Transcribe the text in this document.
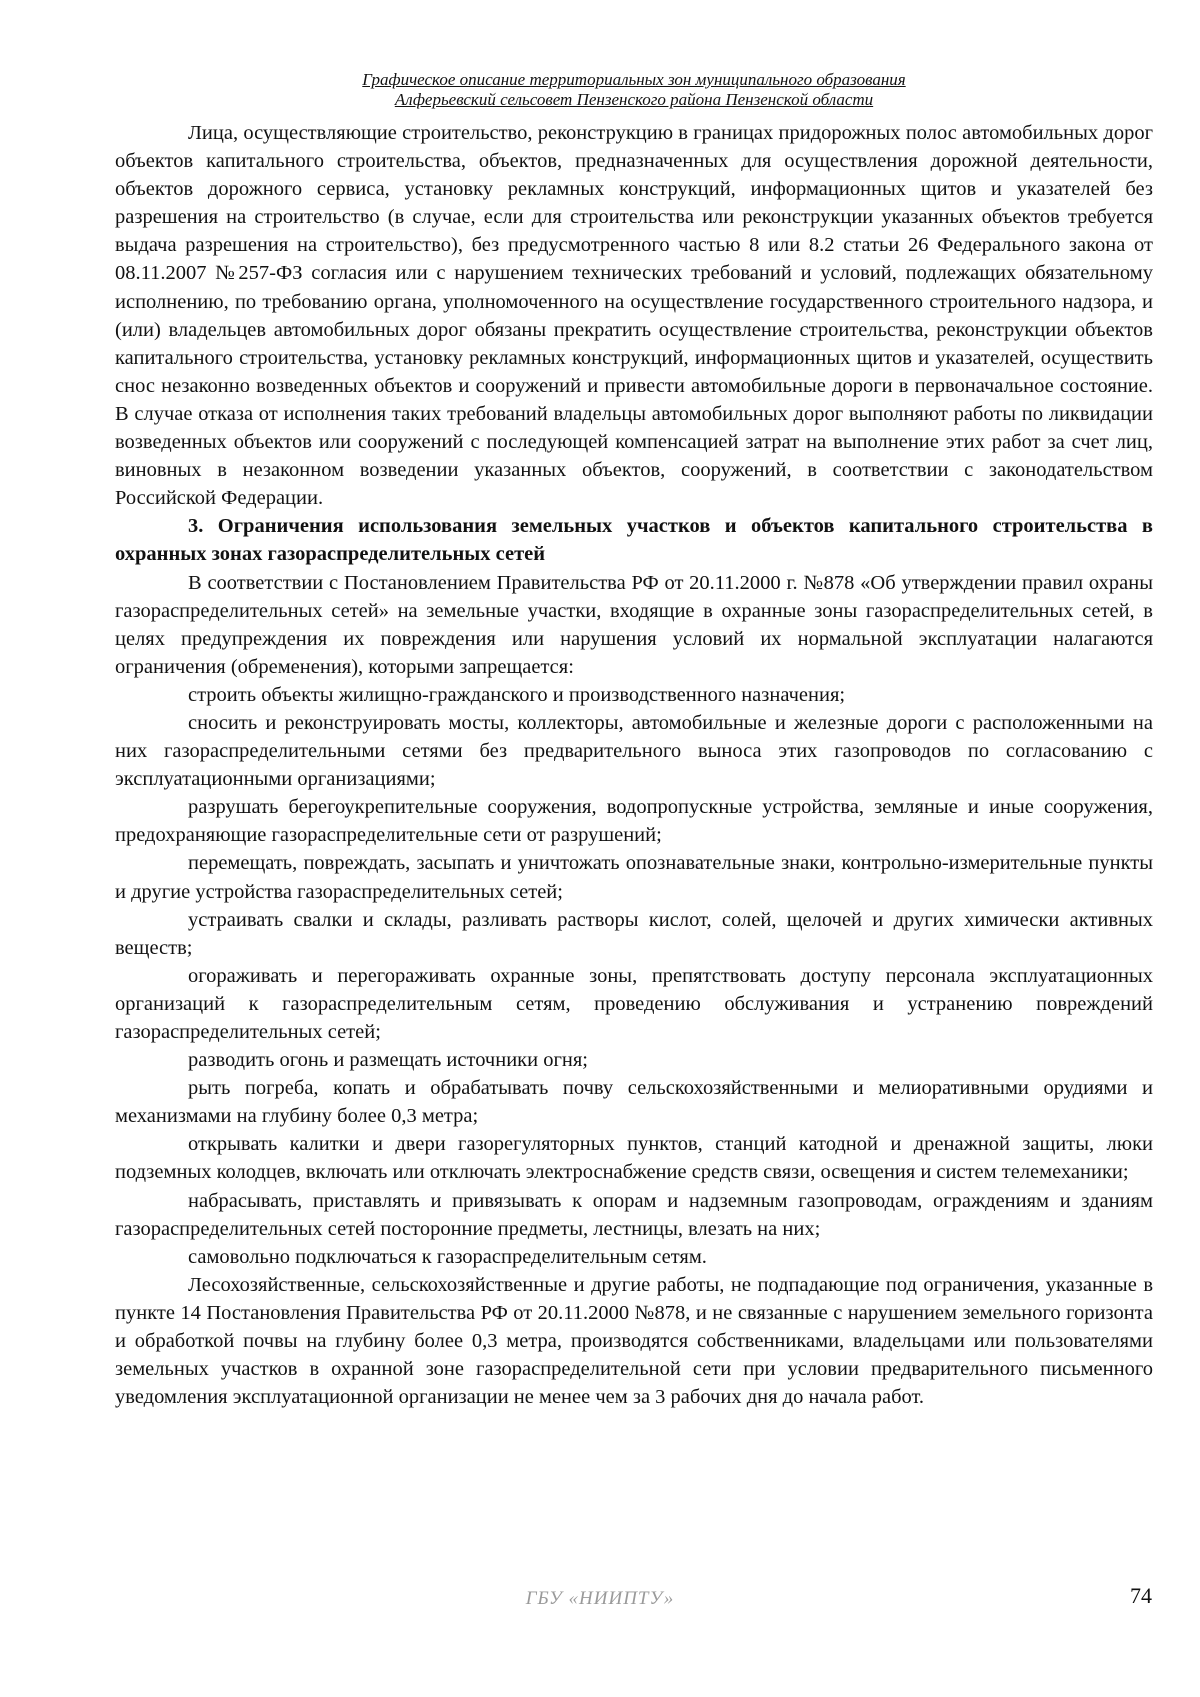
Графическое описание территориальных зон муниципального образования
Алферьевский сельсовет Пензенского района Пензенской области

Лица, осуществляющие строительство, реконструкцию в границах придорожных полос автомобильных дорог объектов капитального строительства, объектов, предназначенных для осуществления дорожной деятельности, объектов дорожного сервиса, установку рекламных конструкций, информационных щитов и указателей без разрешения на строительство (в случае, если для строительства или реконструкции указанных объектов требуется выдача разрешения на строительство), без предусмотренного частью 8 или 8.2 статьи 26 Федерального закона от 08.11.2007 №257-ФЗ согласия или с нарушением технических требований и условий, подлежащих обязательному исполнению, по требованию органа, уполномоченного на осуществление государственного строительного надзора, и (или) владельцев автомобильных дорог обязаны прекратить осуществление строительства, реконструкции объектов капитального строительства, установку рекламных конструкций, информационных щитов и указателей, осуществить снос незаконно возведенных объектов и сооружений и привести автомобильные дороги в первоначальное состояние. В случае отказа от исполнения таких требований владельцы автомобильных дорог выполняют работы по ликвидации возведенных объектов или сооружений с последующей компенсацией затрат на выполнение этих работ за счет лиц, виновных в незаконном возведении указанных объектов, сооружений, в соответствии с законодательством Российской Федерации.

3. Ограничения использования земельных участков и объектов капитального строительства в охранных зонах газораспределительных сетей

В соответствии с Постановлением Правительства РФ от 20.11.2000 г. №878 «Об утверждении правил охраны газораспределительных сетей» на земельные участки, входящие в охранные зоны газораспределительных сетей, в целях предупреждения их повреждения или нарушения условий их нормальной эксплуатации налагаются ограничения (обременения), которыми запрещается:

строить объекты жилищно-гражданского и производственного назначения;

сносить и реконструировать мосты, коллекторы, автомобильные и железные дороги с расположенными на них газораспределительными сетями без предварительного выноса этих газопроводов по согласованию с эксплуатационными организациями;

разрушать берегоукрепительные сооружения, водопропускные устройства, земляные и иные сооружения, предохраняющие газораспределительные сети от разрушений;

перемещать, повреждать, засыпать и уничтожать опознавательные знаки, контрольно-измерительные пункты и другие устройства газораспределительных сетей;

устраивать свалки и склады, разливать растворы кислот, солей, щелочей и других химически активных веществ;

огораживать и перегораживать охранные зоны, препятствовать доступу персонала эксплуатационных организаций к газораспределительным сетям, проведению обслуживания и устранению повреждений газораспределительных сетей;

разводить огонь и размещать источники огня;

рыть погреба, копать и обрабатывать почву сельскохозяйственными и мелиоративными орудиями и механизмами на глубину более 0,3 метра;

открывать калитки и двери газорегуляторных пунктов, станций катодной и дренажной защиты, люки подземных колодцев, включать или отключать электроснабжение средств связи, освещения и систем телемеханики;

набрасывать, приставлять и привязывать к опорам и надземным газопроводам, ограждениям и зданиям газораспределительных сетей посторонние предметы, лестницы, влезать на них;

самовольно подключаться к газораспределительным сетям.

Лесохозяйственные, сельскохозяйственные и другие работы, не подпадающие под ограничения, указанные в пункте 14 Постановления Правительства РФ от 20.11.2000 №878, и не связанные с нарушением земельного горизонта и обработкой почвы на глубину более 0,3 метра, производятся собственниками, владельцами или пользователями земельных участков в охранной зоне газораспределительной сети при условии предварительного письменного уведомления эксплуатационной организации не менее чем за 3 рабочих дня до начала работ.

ГБУ «НИИПТУ»	74
